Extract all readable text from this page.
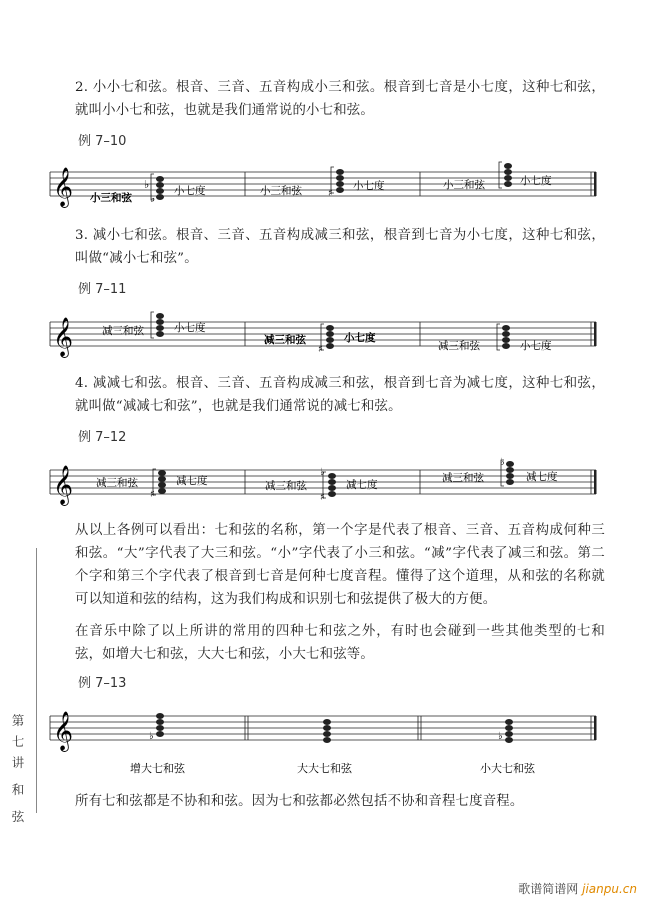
2. 小小七和弦。根音、三音、五音构成小三和弦。根音到七音是小七度，这种七和弦，就叫小小七和弦，也就是我们通常说的小七和弦。

例 7–10
𝄞	♭
♭	♯
小三和弦
小七度	小三和弦	小七度	小三和弦	小七度

3. 减小七和弦。根音、三音、五音构成减三和弦，根音到七音为小七度，这种七和弦，叫做“减小七和弦”。

例 7–11
𝄞	♯
减三和弦	小七度
减三和弦	小七度
减三和弦	小七度

4. 减减七和弦。根音、三音、五音构成减三和弦，根音到七音为减七度，这种七和弦，就叫做“减减七和弦”，也就是我们通常说的减七和弦。

例 7–12
𝄞	♯	♯
♭
♭
减三和弦	减七度	减三和弦	减七度
减三和弦	减七度

从以上各例可以看出：七和弦的名称，第一个字是代表了根音、三音、五音构成何种三和弦。“大”字代表了大三和弦。“小”字代表了小三和弦。“减”字代表了减三和弦。第二个字和第三个字代表了根音到七音是何种七度音程。懂得了这个道理，从和弦的名称就可以知道和弦的结构，这为我们构成和识别七和弦提供了极大的方便。

在音乐中除了以上所讲的常用的四种七和弦之外，有时也会碰到一些其他类型的七和弦，如增大七和弦，大大七和弦，小大七和弦等。

例 7–13
𝄞	♭	♭
增大七和弦	大大七和弦	小大七和弦

所有七和弦都是不协和和弦。因为七和弦都必然包括不协和音程七度音程。

第
七
讲
和
弦
歌谱简谱网 jianpu.cn
